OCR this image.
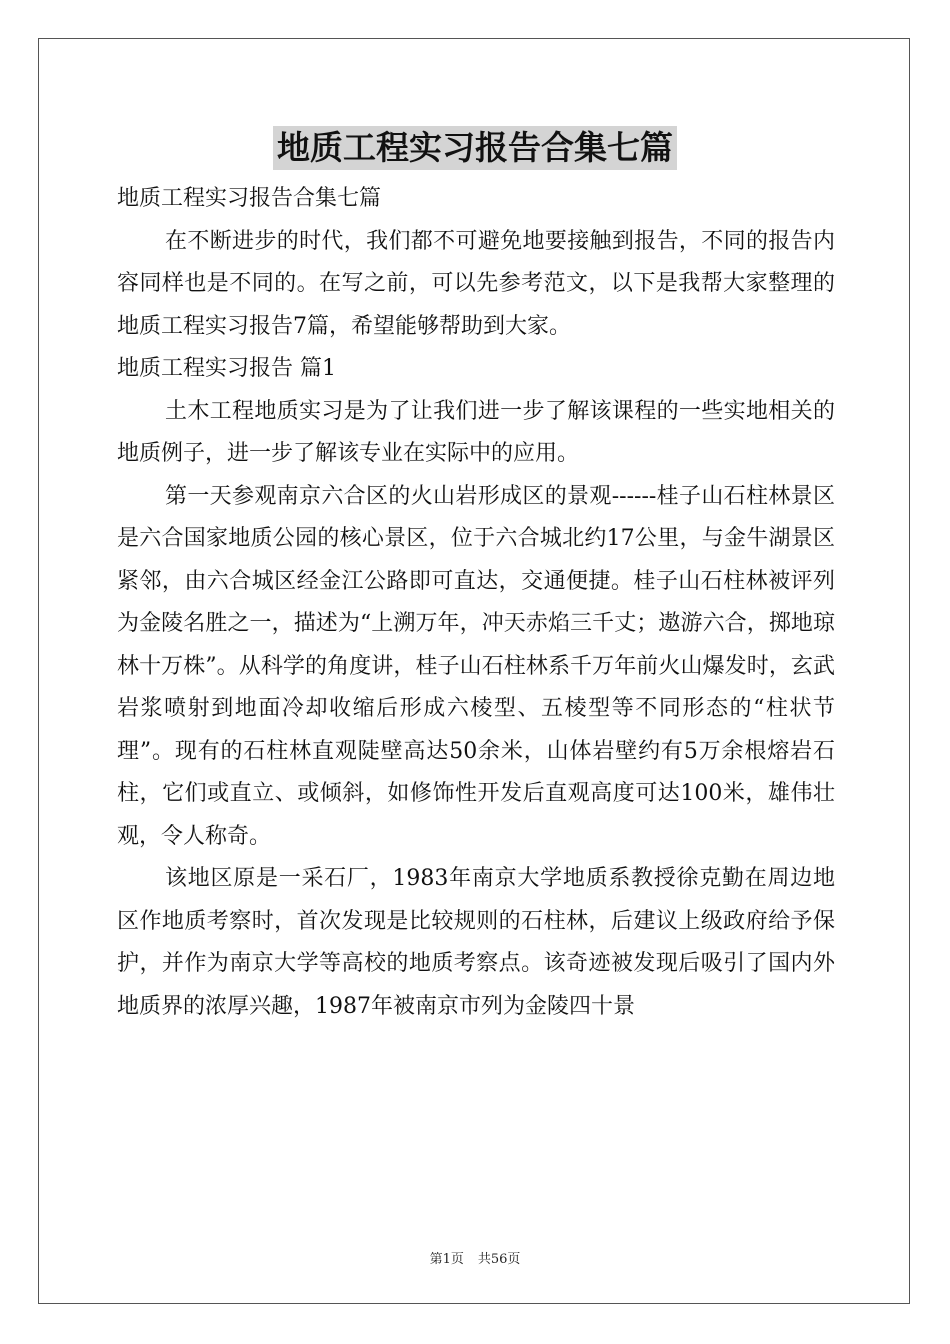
地质工程实习报告合集七篇

地质工程实习报告合集七篇

在不断进步的时代，我们都不可避免地要接触到报告，不同的报告内容同样也是不同的。在写之前，可以先参考范文，以下是我帮大家整理的地质工程实习报告7篇，希望能够帮助到大家。

地质工程实习报告 篇1

土木工程地质实习是为了让我们进一步了解该课程的一些实地相关的地质例子，进一步了解该专业在实际中的应用。

第一天参观南京六合区的火山岩形成区的景观------桂子山石柱林景区是六合国家地质公园的核心景区，位于六合城北约17公里，与金牛湖景区紧邻，由六合城区经金江公路即可直达，交通便捷。桂子山石柱林被评列为金陵名胜之一，描述为“上溯万年，冲天赤焰三千丈；遨游六合，掷地琼林十万株”。从科学的角度讲，桂子山石柱林系千万年前火山爆发时，玄武岩浆喷射到地面冷却收缩后形成六棱型、五棱型等不同形态的“柱状节理”。现有的石柱林直观陡壁高达50余米，山体岩壁约有5万余根熔岩石柱，它们或直立、或倾斜，如修饰性开发后直观高度可达100米，雄伟壮观，令人称奇。

该地区原是一采石厂，1983年南京大学地质系教授徐克勤在周边地区作地质考察时，首次发现是比较规则的石柱林，后建议上级政府给予保护，并作为南京大学等高校的地质考察点。该奇迹被发现后吸引了国内外地质界的浓厚兴趣，1987年被南京市列为金陵四十景

第1页 共56页
